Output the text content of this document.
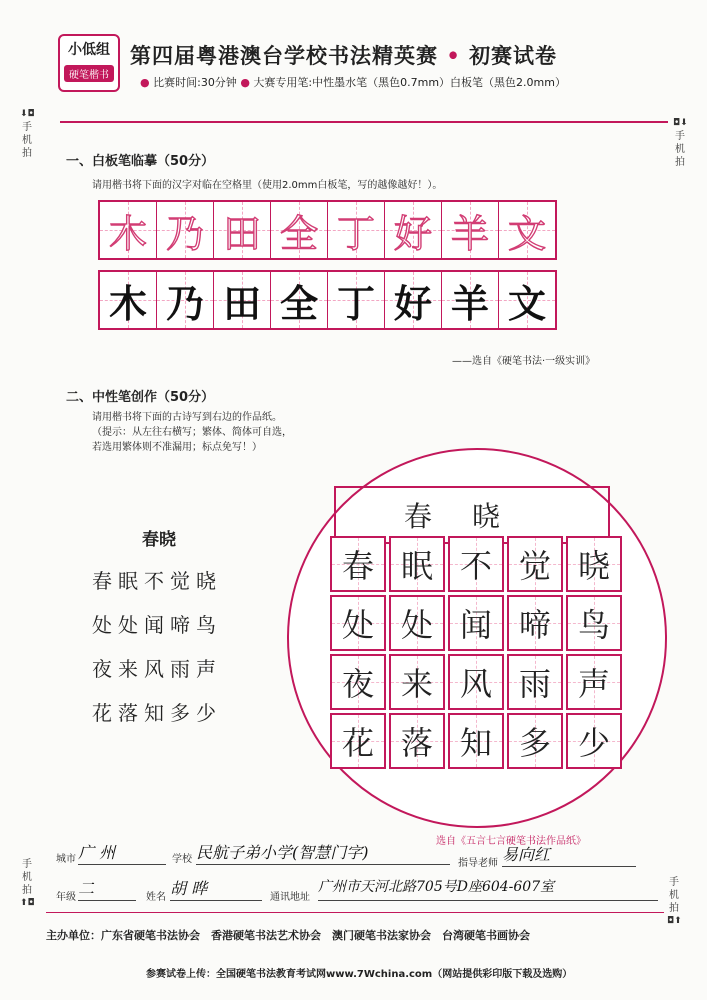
小低组
硬笔楷书
第四届粤港澳台学校书法精英赛 • 初赛试卷
● 比赛时间:30分钟 ● 大赛专用笔:中性墨水笔（黑色0.7mm）白板笔（黑色2.0mm）
⬇◘
手机拍
◘⬇
手机拍
手机拍
⬆◘
手机拍
◘⬆
一、白板笔临摹（50分）
请用楷书将下面的汉字对临在空格里（使用2.0mm白板笔，写的越像越好！）。
木 乃 田 全 丁 好 羊 文
木 乃 田 全 丁 好 羊 文
——选自《硬笔书法·一级实训》
二、中性笔创作（50分）
请用楷书将下面的古诗写到右边的作品纸。
（提示：从左往右横写；繁体、简体可自选，
若选用繁体则不准漏用；标点免写！）
春晓
春眠不觉晓
处处闻啼鸟
夜来风雨声
花落知多少
春晓
春 眠 不 觉 晓
处 处 闻 啼 鸟
夜 来 风 雨 声
花 落 知 多 少
选自《五言七言硬笔书法作品纸》
城市 广 州	学校 民航子弟小学(智慧门字)
指导老师 易向红
年级 二	姓名 胡 晔	通讯地址
广州市天河北路705号D座604-607室
主办单位：广东省硬笔书法协会　香港硬笔书法艺术协会　澳门硬笔书法家协会　台湾硬笔书画协会
参赛试卷上传：全国硬笔书法教育考试网www.7Wchina.com（网站提供彩印版下载及选购）
